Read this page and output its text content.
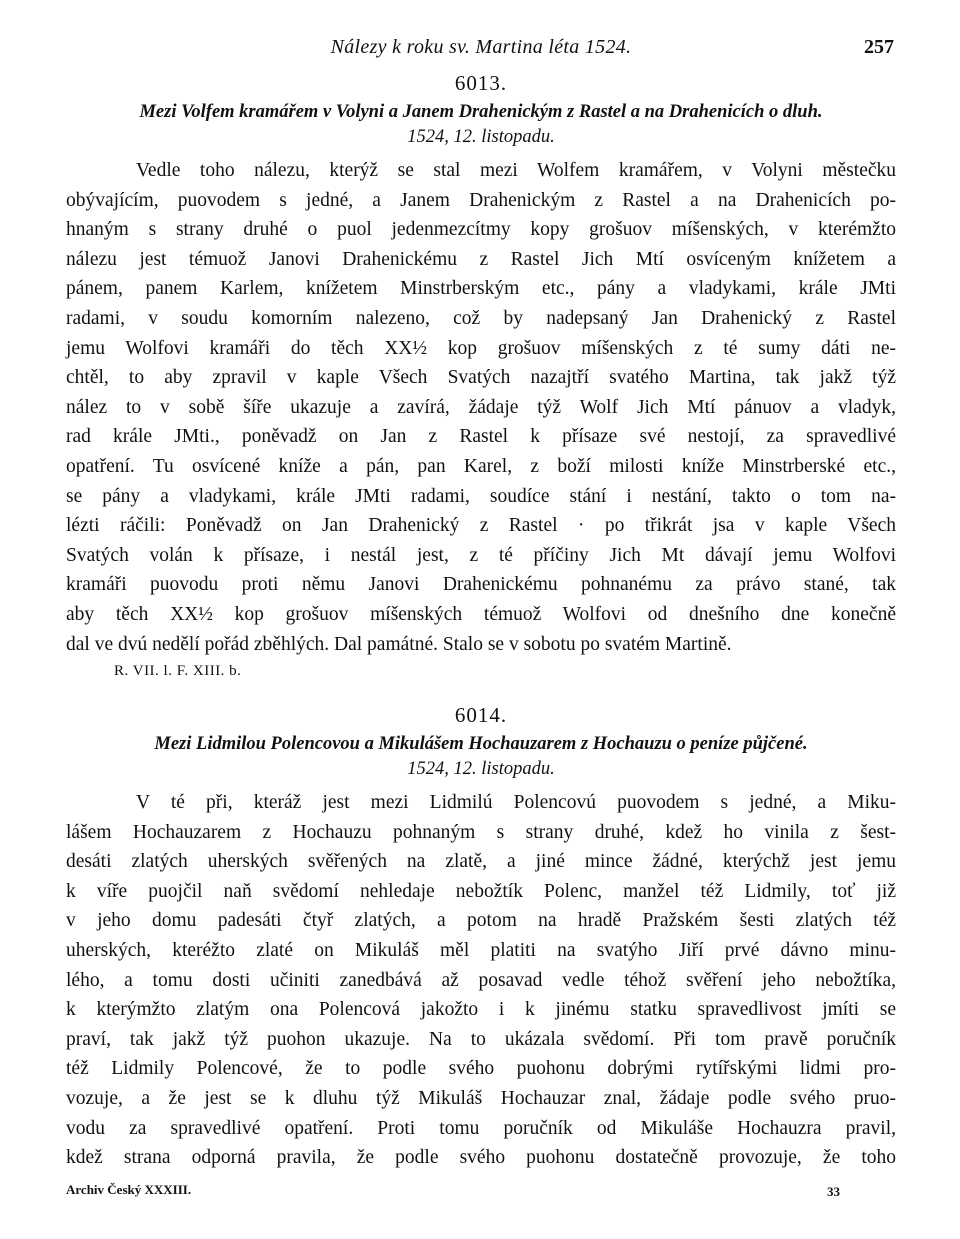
Nálezy k roku sv. Martina léta 1524.	257
6013.
Mezi Volfem kramářem v Volyni a Janem Drahenickým z Rastel a na Drahenicích o dluh.
1524, 12. listopadu.

Vedle toho nálezu, kterýž se stal mezi Wolfem kramářem, v Volyni městečku
obývajícím, puovodem s jedné, a Janem Drahenickým z Rastel a na Drahenicích po-
hnaným s strany druhé o puol jedenmezcítmy kopy grošuov míšenských, v kterémžto
nálezu jest témuož Janovi Drahenickému z Rastel Jich Mtí osvíceným knížetem a
pánem, panem Karlem, knížetem Minstrberským etc., pány a vladykami, krále JMti
radami, v soudu komorním nalezeno, což by nadepsaný Jan Drahenický z Rastel
jemu Wolfovi kramáři do těch XX½ kop grošuov míšenských z té sumy dáti ne-
chtěl, to aby zpravil v kaple Všech Svatých nazajtří svatého Martina, tak jakž týž
nález to v sobě šíře ukazuje a zavírá, žádaje týž Wolf Jich Mtí pánuov a vladyk,
rad krále JMti., poněvadž on Jan z Rastel k přísaze své nestojí, za spravedlivé
opatření. Tu osvícené kníže a pán, pan Karel, z boží milosti kníže Minstrberské etc.,
se pány a vladykami, krále JMti radami, soudíce stání i nestání, takto o tom na-
lézti ráčili: Poněvadž on Jan Drahenický z Rastel · po třikrát jsa v kaple Všech
Svatých volán k přísaze, i nestál jest, z té příčiny Jich Mt dávají jemu Wolfovi
kramáři puovodu proti němu Janovi Drahenickému pohnanému za právo stané, tak
aby těch XX½ kop grošuov míšenských témuož Wolfovi od dnešního dne konečně
dal ve dvú nedělí pořád zběhlých. Dal památné. Stalo se v sobotu po svatém Martině.

R. VII. l. F. XIII. b.
6014.
Mezi Lidmilou Polencovou a Mikulášem Hochauzarem z Hochauzu o peníze půjčené.
1524, 12. listopadu.

V té při, kteráž jest mezi Lidmilú Polencovú puovodem s jedné, a Miku-
lášem Hochauzarem z Hochauzu pohnaným s strany druhé, kdež ho vinila z šest-
desáti zlatých uherských svěřených na zlatě, a jiné mince žádné, kterýchž jest jemu
k víře puojčil naň svědomí nehledaje nebožtík Polenc, manžel též Lidmily, toť již
v jeho domu padesáti čtyř zlatých, a potom na hradě Pražském šesti zlatých též
uherských, kteréžto zlaté on Mikuláš měl platiti na svatýho Jiří prvé dávno minu-
lého, a tomu dosti učiniti zanedbává až posavad vedle téhož svěření jeho nebožtíka,
k kterýmžto zlatým ona Polencová jakožto i k jinému statku spravedlivost jmíti se
praví, tak jakž týž puohon ukazuje. Na to ukázala svědomí. Při tom pravě poručník
též Lidmily Polencové, že to podle svého puohonu dobrými rytířskými lidmi pro-
vozuje, a že jest se k dluhu týž Mikuláš Hochauzar znal, žádaje podle svého pruo-
vodu za spravedlivé opatření. Proti tomu poručník od Mikuláše Hochauzra pravil,
kdež strana odporná pravila, že podle svého puohonu dostatečně provozuje, že toho

Archiv Český XXXIII.	33
